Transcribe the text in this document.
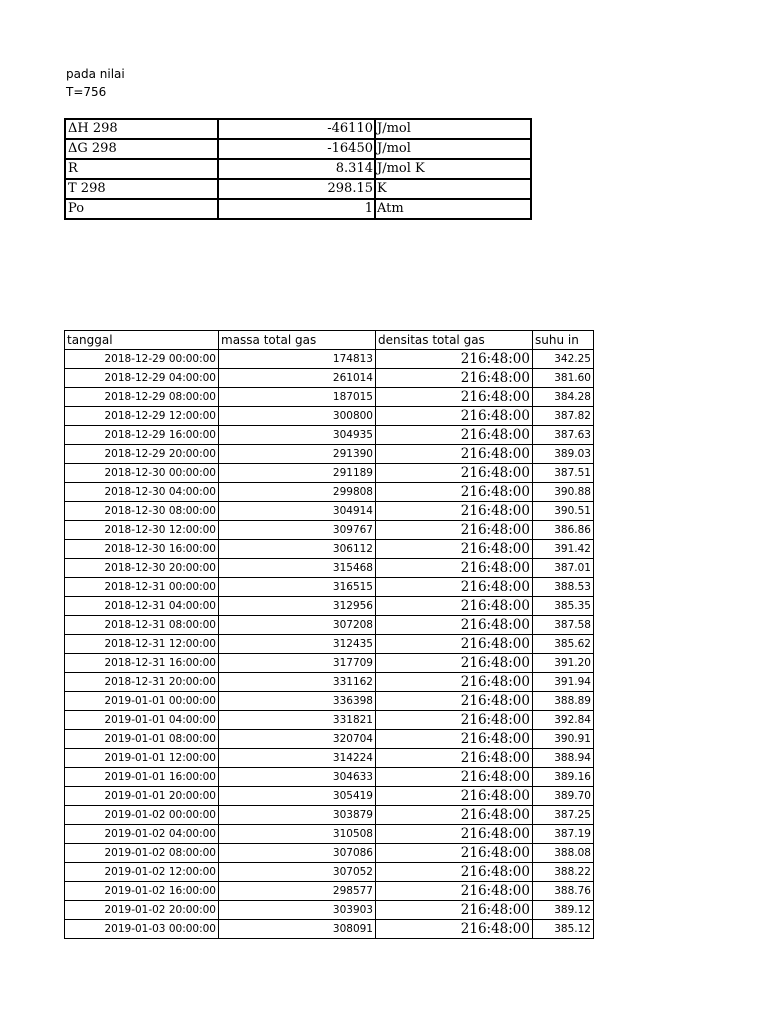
pada nilai
T=756
ΔH 298	-46110	J/mol
ΔG 298	-16450	J/mol
R	8.314	J/mol K
T 298	298.15	K
Po	1	Atm
tanggal	massa total gas	densitas total gas	suhu in
2018-12-29 00:00:00	174813	216:48:00	342.25
2018-12-29 04:00:00	261014	216:48:00	381.60
2018-12-29 08:00:00	187015	216:48:00	384.28
2018-12-29 12:00:00	300800	216:48:00	387.82
2018-12-29 16:00:00	304935	216:48:00	387.63
2018-12-29 20:00:00	291390	216:48:00	389.03
2018-12-30 00:00:00	291189	216:48:00	387.51
2018-12-30 04:00:00	299808	216:48:00	390.88
2018-12-30 08:00:00	304914	216:48:00	390.51
2018-12-30 12:00:00	309767	216:48:00	386.86
2018-12-30 16:00:00	306112	216:48:00	391.42
2018-12-30 20:00:00	315468	216:48:00	387.01
2018-12-31 00:00:00	316515	216:48:00	388.53
2018-12-31 04:00:00	312956	216:48:00	385.35
2018-12-31 08:00:00	307208	216:48:00	387.58
2018-12-31 12:00:00	312435	216:48:00	385.62
2018-12-31 16:00:00	317709	216:48:00	391.20
2018-12-31 20:00:00	331162	216:48:00	391.94
2019-01-01 00:00:00	336398	216:48:00	388.89
2019-01-01 04:00:00	331821	216:48:00	392.84
2019-01-01 08:00:00	320704	216:48:00	390.91
2019-01-01 12:00:00	314224	216:48:00	388.94
2019-01-01 16:00:00	304633	216:48:00	389.16
2019-01-01 20:00:00	305419	216:48:00	389.70
2019-01-02 00:00:00	303879	216:48:00	387.25
2019-01-02 04:00:00	310508	216:48:00	387.19
2019-01-02 08:00:00	307086	216:48:00	388.08
2019-01-02 12:00:00	307052	216:48:00	388.22
2019-01-02 16:00:00	298577	216:48:00	388.76
2019-01-02 20:00:00	303903	216:48:00	389.12
2019-01-03 00:00:00	308091	216:48:00	385.12
